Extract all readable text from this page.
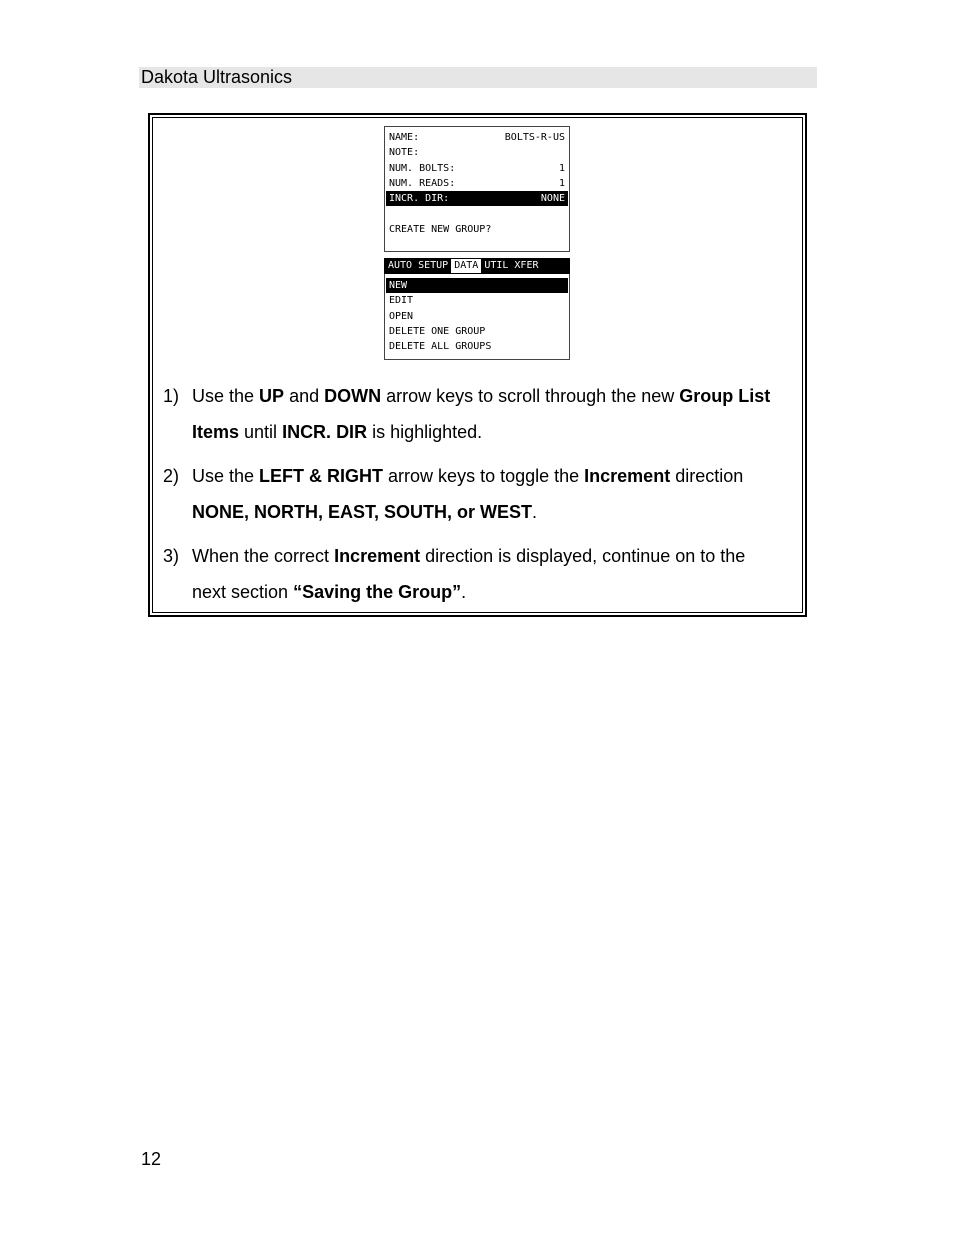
Dakota Ultrasonics
NAME:	BOLTS-R-US
NOTE:
NUM. BOLTS:	1
NUM. READS:	1
INCR. DIR:	NONE
CREATE NEW GROUP?
AUTO SETUP DATA UTIL XFER
NEW
EDIT
OPEN
DELETE ONE GROUP
DELETE ALL GROUPS
1) Use the UP and DOWN arrow keys to scroll through the new Group List Items until INCR. DIR is highlighted.
2) Use the LEFT & RIGHT arrow keys to toggle the Increment direction NONE, NORTH, EAST, SOUTH, or WEST.
3) When the correct Increment direction is displayed, continue on to the next section “Saving the Group”.
12
